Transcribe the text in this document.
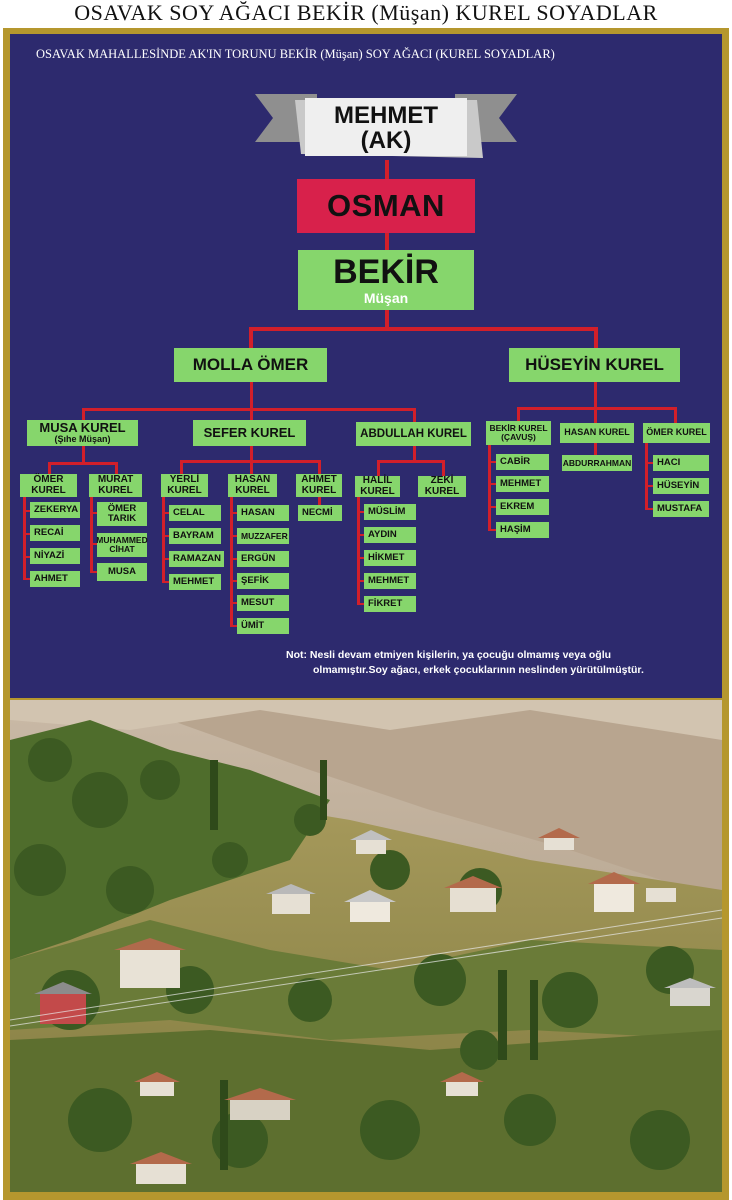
OSAVAK SOY AĞACI BEKİR (Müşan) KUREL SOYADLAR
OSAVAK MAHALLESİNDE AK'IN TORUNU BEKİR (Müşan) SOY AĞACI (KUREL SOYADLAR)
MEHMET
(AK)
OSMAN
BEKİR
Müşan
MOLLA ÖMER	HÜSEYİN KUREL
MUSA KUREL
(Şıhe Müşan)	SEFER KUREL	ABDULLAH KUREL	BEKİR KUREL
(ÇAVUŞ)	HASAN KUREL ÖMER KUREL
ÖMER
KUREL
MURAT
KUREL
YERLİ
KUREL
HASAN
KUREL
AHMET
KUREL
HALİL
KUREL
ZEKİ
KUREL
ZEKERYA
RECAİ
NİYAZİ
AHMET
ÖMER
TARIK
MUHAMMED
CİHAT
MUSA
CELAL
BAYRAM
RAMAZAN
MEHMET
HASAN
MUZZAFER
ERGÜN
ŞEFİK
MESUT
ÜMİT
NECMİ	MÜSLİM
AYDIN
HİKMET
MEHMET
FİKRET
CABİR
MEHMET
EKREM
HAŞİM
ABDURRAHMAN	HACI
HÜSEYİN
MUSTAFA
Not: Nesli devam etmiyen kişilerin, ya çocuğu olmamış veya oğlu
olmamıştır.Soy ağacı, erkek çocuklarının neslinden yürütülmüştür.
